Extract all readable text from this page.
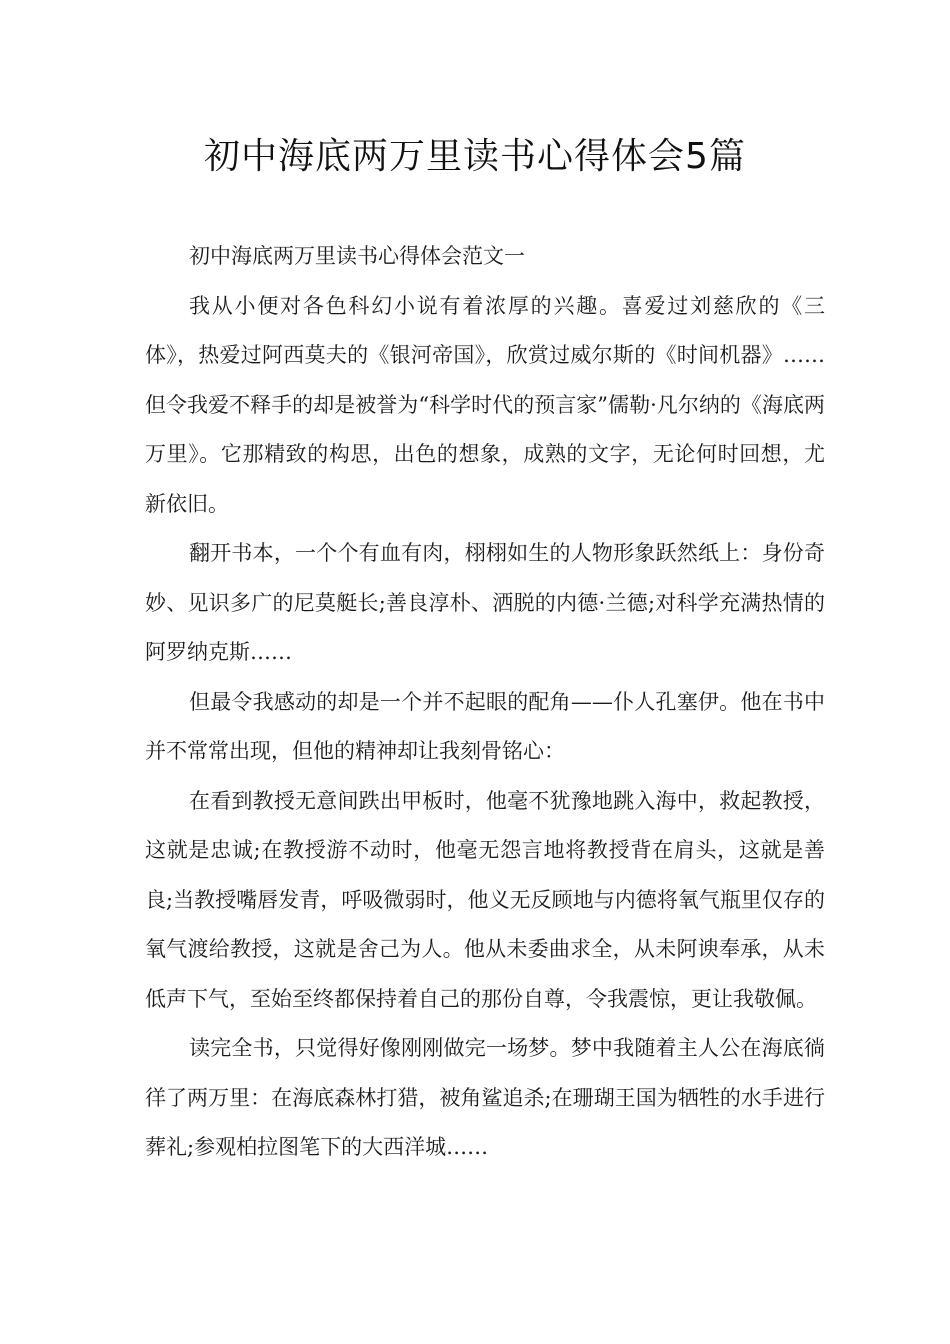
初中海底两万里读书心得体会5篇

初中海底两万里读书心得体会范文一

我从小便对各色科幻小说有着浓厚的兴趣。喜爱过刘慈欣的《三体》，热爱过阿西莫夫的《银河帝国》，欣赏过威尔斯的《时间机器》……但令我爱不释手的却是被誉为“科学时代的预言家”儒勒·凡尔纳的《海底两万里》。它那精致的构思，出色的想象，成熟的文字，无论何时回想，尤新依旧。

翻开书本，一个个有血有肉，栩栩如生的人物形象跃然纸上：身份奇妙、见识多广的尼莫艇长;善良淳朴、洒脱的内德·兰德;对科学充满热情的阿罗纳克斯……

但最令我感动的却是一个并不起眼的配角——仆人孔塞伊。他在书中并不常常出现，但他的精神却让我刻骨铭心：

在看到教授无意间跌出甲板时，他毫不犹豫地跳入海中，救起教授，这就是忠诚;在教授游不动时，他毫无怨言地将教授背在肩头，这就是善良;当教授嘴唇发青，呼吸微弱时，他义无反顾地与内德将氧气瓶里仅存的氧气渡给教授，这就是舍己为人。他从未委曲求全，从未阿谀奉承，从未低声下气，至始至终都保持着自己的那份自尊，令我震惊，更让我敬佩。

读完全书，只觉得好像刚刚做完一场梦。梦中我随着主人公在海底徜徉了两万里：在海底森林打猎，被角鲨追杀;在珊瑚王国为牺牲的水手进行葬礼;参观柏拉图笔下的大西洋城……
